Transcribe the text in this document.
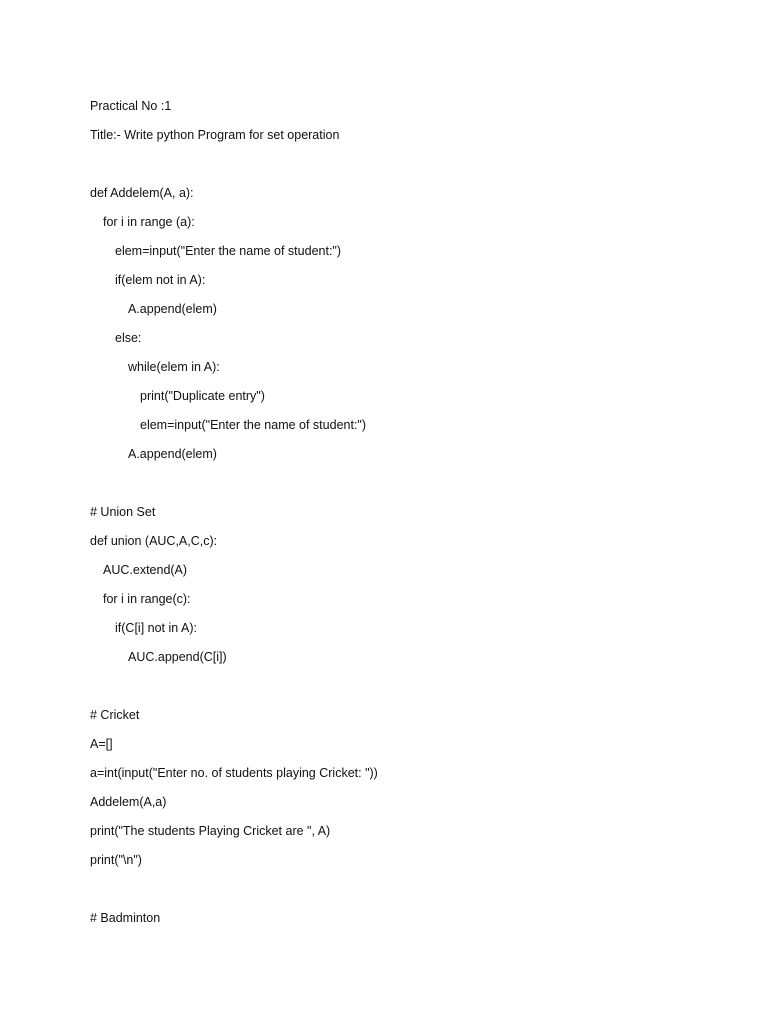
Practical No :1
Title:- Write python Program for set operation
def Addelem(A, a):
for i in range (a):
elem=input("Enter the name of student:")
if(elem not in A):
A.append(elem)
else:
while(elem in A):
print("Duplicate entry")
elem=input("Enter the name of student:")
A.append(elem)
# Union Set
def union (AUC,A,C,c):
AUC.extend(A)
for i in range(c):
if(C[i] not in A):
AUC.append(C[i])
# Cricket
A=[]
a=int(input("Enter no. of students playing Cricket: "))
Addelem(A,a)
print("The students Playing Cricket are ", A)
print("\n")
# Badminton
